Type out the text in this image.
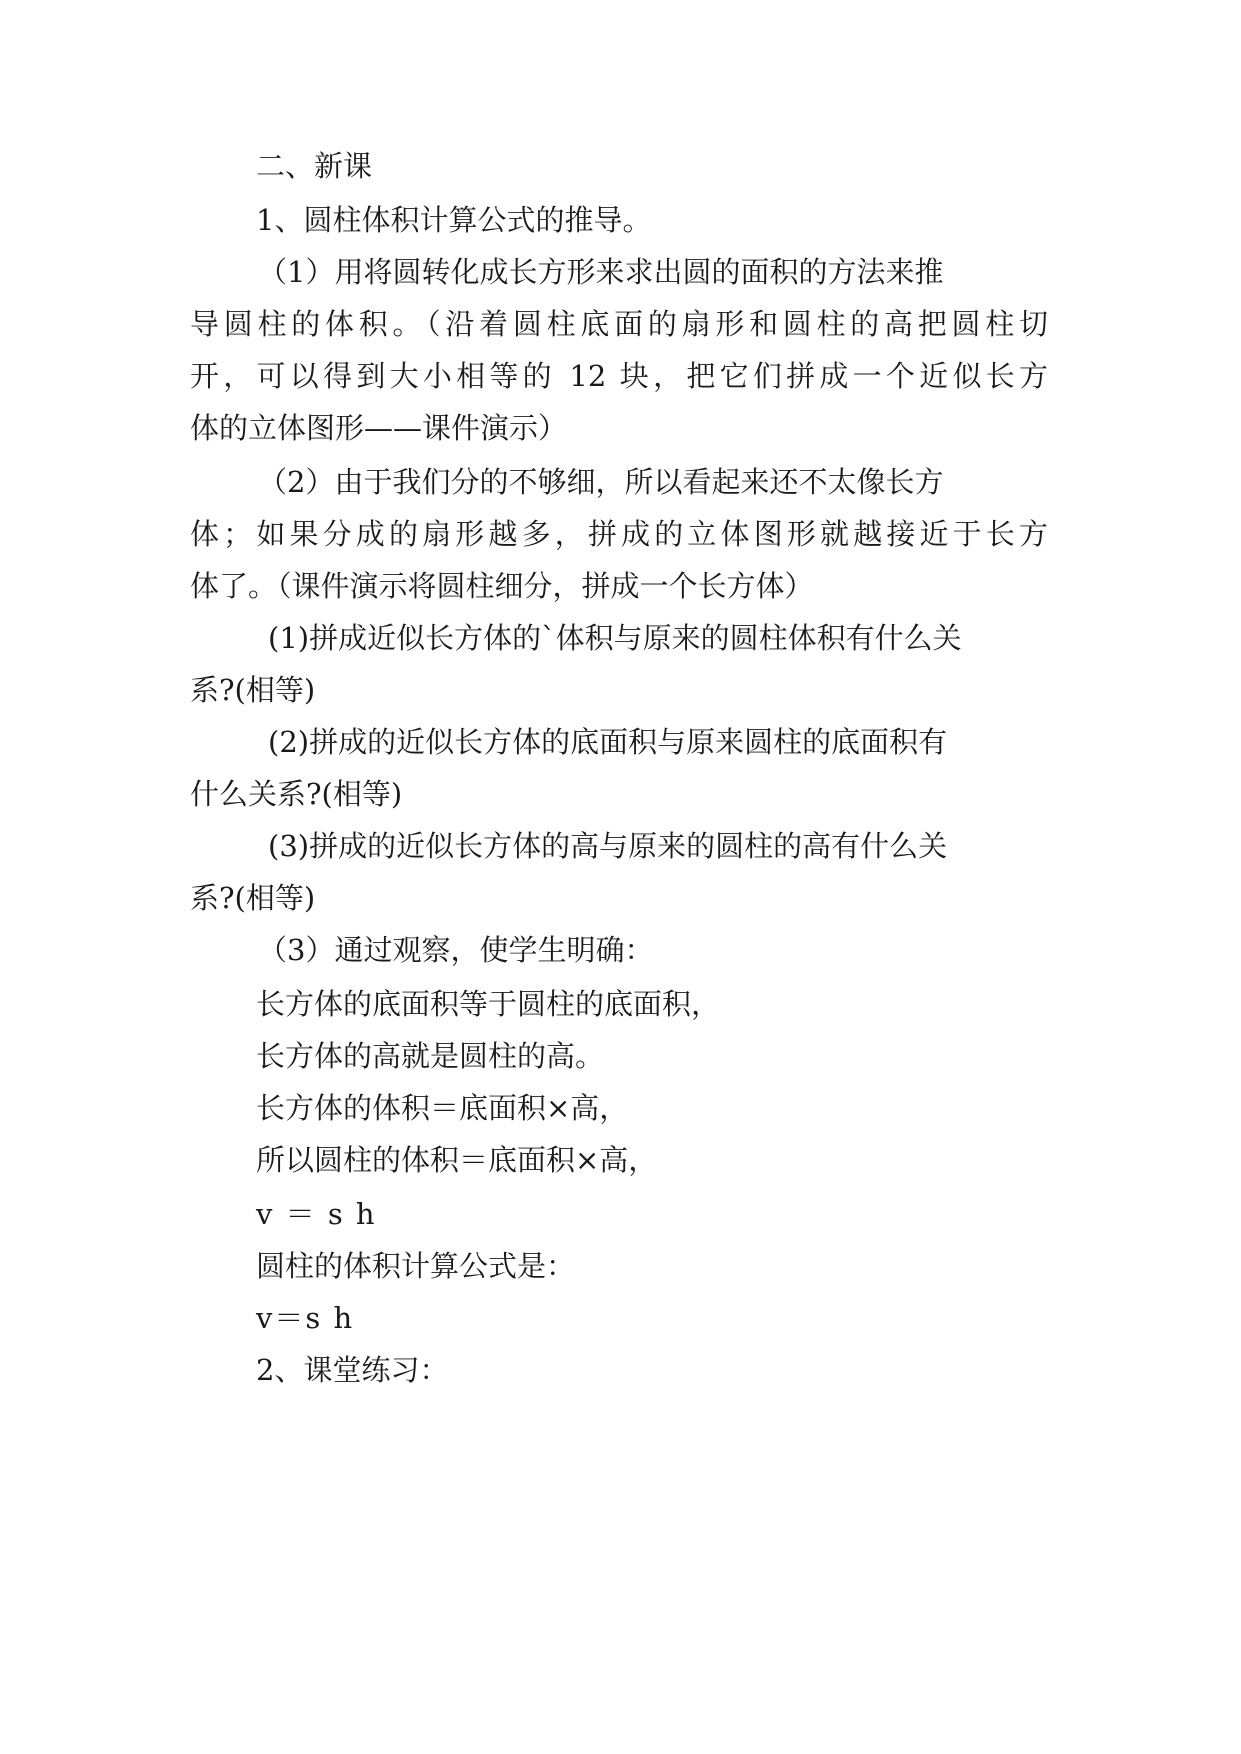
二、新课
1、圆柱体积计算公式的推导。
（1）用将圆转化成长方形来求出圆的面积的方法来推
导圆柱的体积。（沿着圆柱底面的扇形和圆柱的高把圆柱切
开，可以得到大小相等的 12 块，把它们拼成一个近似长方
体的立体图形——课件演示）
（2）由于我们分的不够细，所以看起来还不太像长方
体；如果分成的扇形越多，拼成的立体图形就越接近于长方
体了。（课件演示将圆柱细分，拼成一个长方体）
(1)拼成近似长方体的`体积与原来的圆柱体积有什么关
系?(相等)
(2)拼成的近似长方体的底面积与原来圆柱的底面积有
什么关系?(相等)
(3)拼成的近似长方体的高与原来的圆柱的高有什么关
系?(相等)
（3）通过观察，使学生明确：
长方体的底面积等于圆柱的底面积，
长方体的高就是圆柱的高。
长方体的体积＝底面积×高，
所以圆柱的体积＝底面积×高，
v ＝ s h
圆柱的体积计算公式是：
v＝s h
2、课堂练习：
